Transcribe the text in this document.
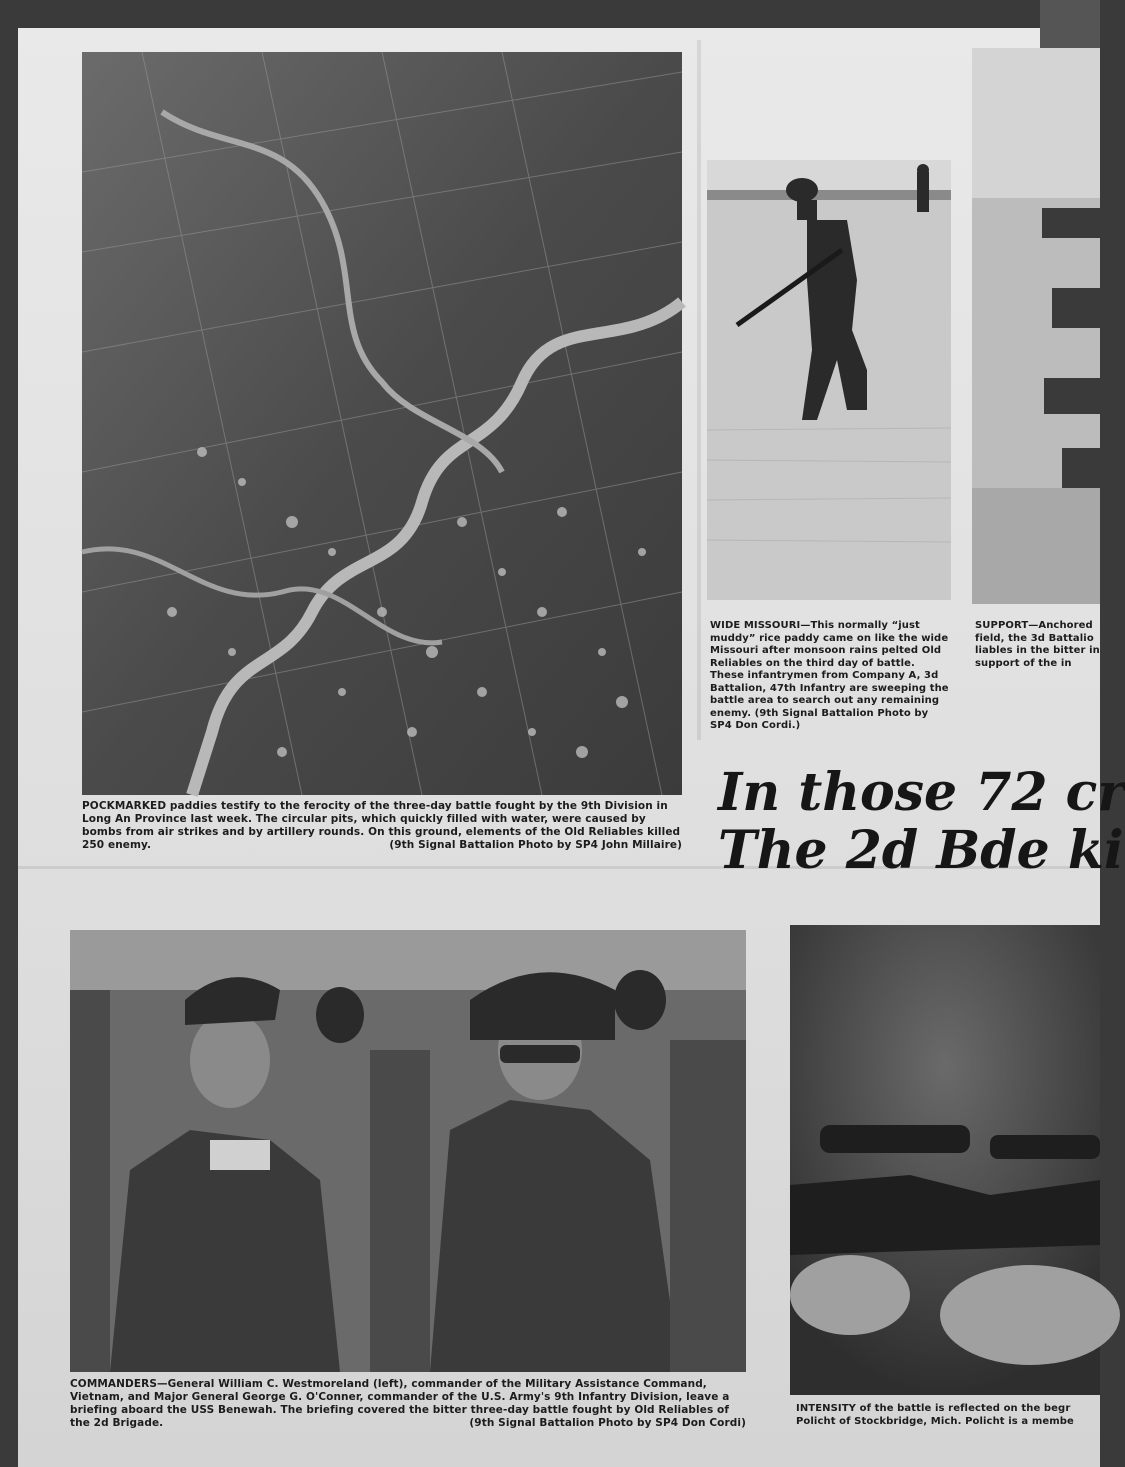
POCKMARKED paddies testify to the ferocity of the three-day battle fought by the 9th Division in Long An Province last week. The circular pits, which quickly filled with water, were caused by bombs from air strikes and by artillery rounds. On this ground, elements of the Old Reliables killed 250 enemy.	(9th Signal Battalion Photo by SP4 John Millaire)
WIDE MISSOURI—This normally “just muddy” rice paddy came on like the wide Missouri after monsoon rains pelted Old Reliables on the third day of battle. These infantrymen from Company A, 3d Battalion, 47th Infantry are sweeping the battle area to search out any remaining enemy. (9th Signal Battalion Photo by SP4 Don Cordi.)
SUPPORT—Anchored field, the 3d Battalio liables in the bitter in support of the in
In those 72 cr
The 2d Bde ki
COMMANDERS—General William C. Westmoreland (left), commander of the Military Assistance Command, Vietnam, and Major General George G. O'Conner, commander of the U.S. Army's 9th Infantry Division, leave a briefing aboard the USS Benewah. The briefing covered the bitter three-day battle fought by Old Reliables of the 2d Brigade.	(9th Signal Battalion Photo by SP4 Don Cordi)
INTENSITY of the battle is reflected on the begr Policht of Stockbridge, Mich. Policht is a membe
